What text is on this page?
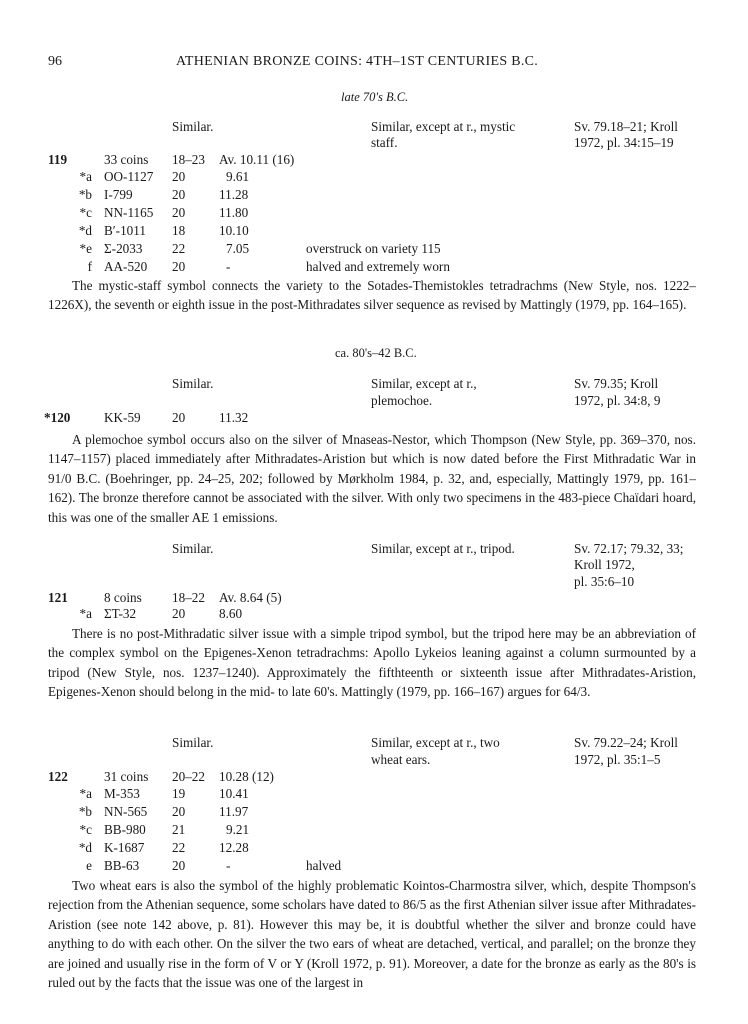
96	ATHENIAN BRONZE COINS: 4TH–1ST CENTURIES B.C.
late 70's B.C.
Similar.	Similar, except at r., mystic
staff.
Sv. 79.18–21; Kroll
1972, pl. 34:15–19
119	33 coins 18–23 Av. 10.11 (16)
*a OO-1127 20	9.61
*b I-799	20	11.28
*c NN-1165 20	11.80
*d B′-1011 18	10.10
*e Σ-2033 22	7.05	overstruck on variety 115
f AA-520 20	-	halved and extremely worn

The mystic-staff symbol connects the variety to the Sotades-Themistokles tetradrachms (New Style, nos. 1222–1226X), the seventh or eighth issue in the post-Mithradates silver sequence as revised by Mattingly (1979, pp. 164–165).

ca. 80's–42 B.C.
Similar.	Similar, except at r.,
plemochoe.
Sv. 79.35; Kroll
1972, pl. 34:8, 9
*120	KK-59 20	11.32

A plemochoe symbol occurs also on the silver of Mnaseas-Nestor, which Thompson (New Style, pp. 369–370, nos. 1147–1157) placed immediately after Mithradates-Aristion but which is now dated before the First Mithradatic War in 91/0 B.C. (Boehringer, pp. 24–25, 202; followed by Mørkholm 1984, p. 32, and, especially, Mattingly 1979, pp. 161–162). The bronze therefore cannot be associated with the silver. With only two specimens in the 483-piece Chaïdari hoard, this was one of the smaller AE 1 emissions.

Similar.	Similar, except at r., tripod.	Sv. 72.17; 79.32, 33;
Kroll 1972,
pl. 35:6–10
121	8 coins 18–22 Av. 8.64 (5)
*a ΣT-32	20	8.60

There is no post-Mithradatic silver issue with a simple tripod symbol, but the tripod here may be an abbreviation of the complex symbol on the Epigenes-Xenon tetradrachms: Apollo Lykeios leaning against a column surmounted by a tripod (New Style, nos. 1237–1240). Approximately the fifthteenth or sixteenth issue after Mithradates-Aristion, Epigenes-Xenon should belong in the mid- to late 60's. Mattingly (1979, pp. 166–167) argues for 64/3.

Similar.	Similar, except at r., two
wheat ears.
Sv. 79.22–24; Kroll
1972, pl. 35:1–5
122	31 coins 20–22 10.28 (12)
*a M-353 19	10.41
*b NN-565 20	11.97
*c BB-980 21	9.21
*d K-1687 22	12.28
e BB-63 20	-	halved

Two wheat ears is also the symbol of the highly problematic Kointos-Charmostra silver, which, despite Thompson's rejection from the Athenian sequence, some scholars have dated to 86/5 as the first Athenian silver issue after Mithradates-Aristion (see note 142 above, p. 81). However this may be, it is doubtful whether the silver and bronze could have anything to do with each other. On the silver the two ears of wheat are detached, vertical, and parallel; on the bronze they are joined and usually rise in the form of V or Y (Kroll 1972, p. 91). Moreover, a date for the bronze as early as the 80's is ruled out by the facts that the issue was one of the largest in
